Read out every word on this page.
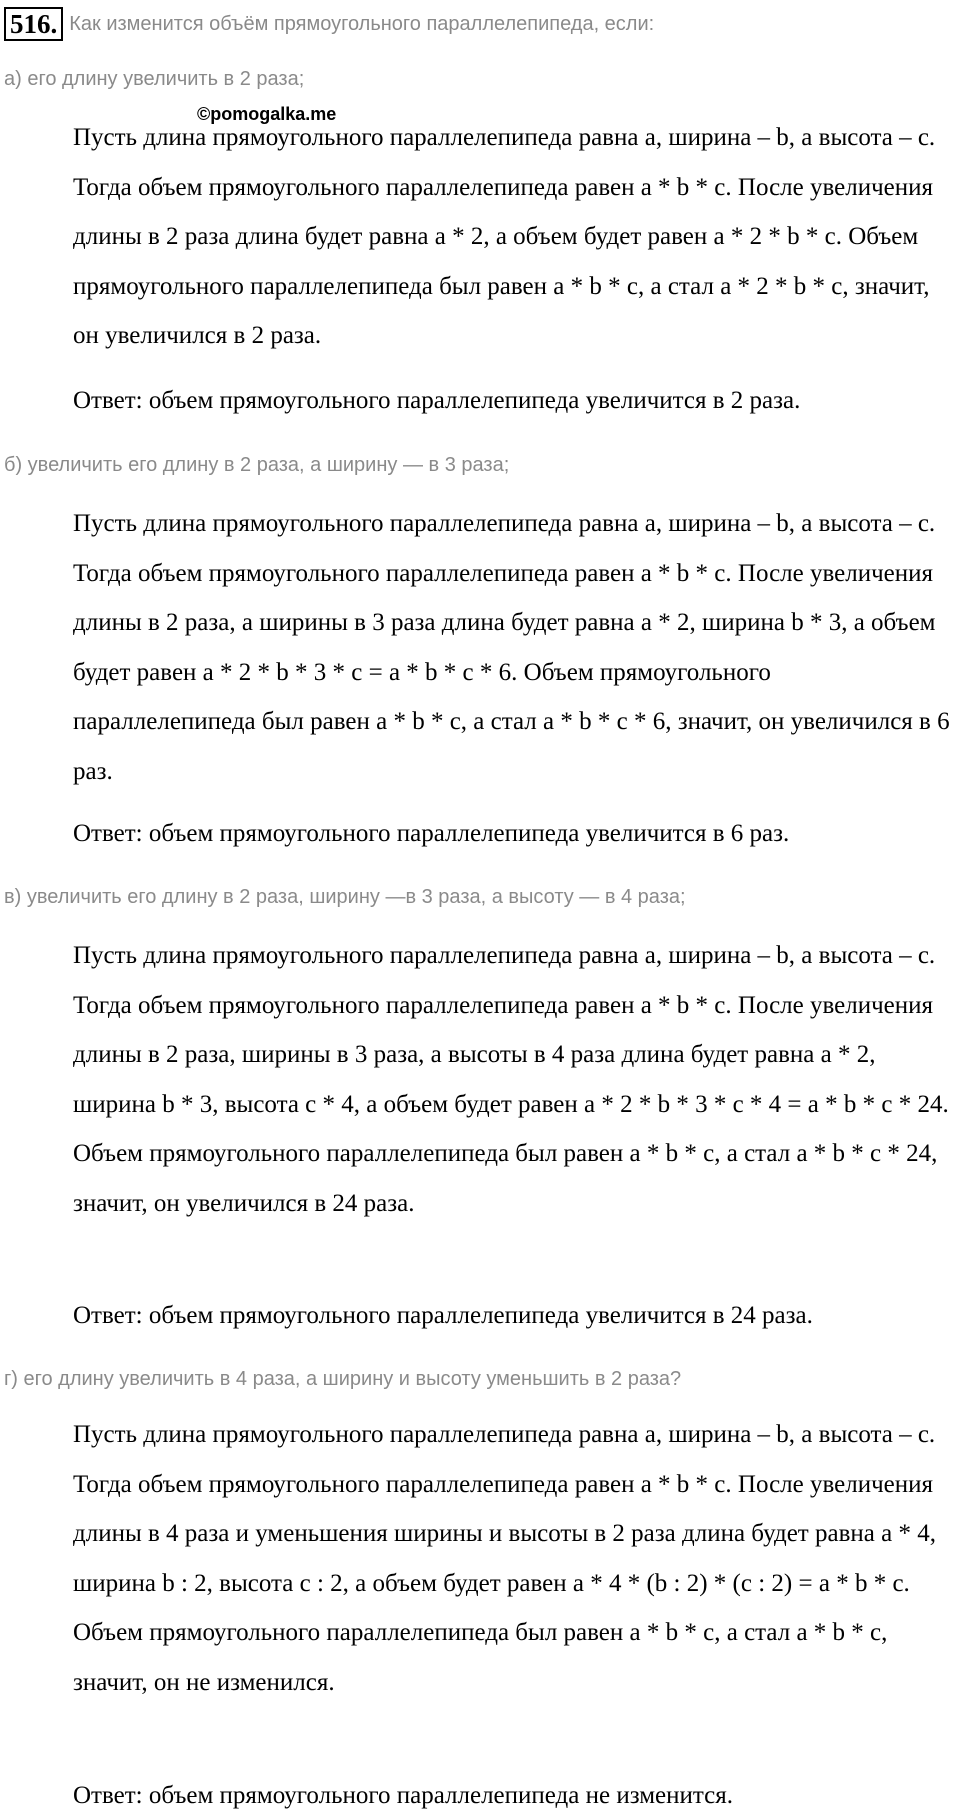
516. Как изменится объём прямоугольного параллелепипеда, если:
а) его длину увеличить в 2 раза;
©pomogalka.me

Пусть длина прямоугольного параллелепипеда равна a, ширина – b, а высота – c. Тогда объем прямоугольного параллелепипеда равен a * b * c. После увеличения длины в 2 раза длина будет равна a * 2, а объем будет равен a * 2 * b * c. Объем прямоугольного параллелепипеда был равен a * b * c, а стал a * 2 * b * c, значит, он увеличился в 2 раза.

Ответ: объем прямоугольного параллелепипеда увеличится в 2 раза.
б) увеличить его длину в 2 раза, а ширину — в 3 раза;

Пусть длина прямоугольного параллелепипеда равна a, ширина – b, а высота – c. Тогда объем прямоугольного параллелепипеда равен a * b * c. После увеличения длины в 2 раза, а ширины в 3 раза длина будет равна a * 2, ширина b * 3, а объем будет равен a * 2 * b * 3 * c = a * b * c * 6. Объем прямоугольного параллелепипеда был равен a * b * c, а стал a * b * c * 6, значит, он увеличился в 6 раз.

Ответ: объем прямоугольного параллелепипеда увеличится в 6 раз.
в) увеличить его длину в 2 раза, ширину —в 3 раза, а высоту — в 4 раза;

Пусть длина прямоугольного параллелепипеда равна a, ширина – b, а высота – c. Тогда объем прямоугольного параллелепипеда равен a * b * c. После увеличения длины в 2 раза, ширины в 3 раза, а высоты в 4 раза длина будет равна a * 2, ширина b * 3, высота с * 4, а объем будет равен a * 2 * b * 3 * c * 4 = a * b * c * 24. Объем прямоугольного параллелепипеда был равен a * b * c, а стал a * b * c * 24, значит, он увеличился в 24 раза.

Ответ: объем прямоугольного параллелепипеда увеличится в 24 раза.
г) его длину увеличить в 4 раза, а ширину и высоту уменьшить в 2 раза?

Пусть длина прямоугольного параллелепипеда равна a, ширина – b, а высота – c. Тогда объем прямоугольного параллелепипеда равен a * b * c. После увеличения длины в 4 раза и уменьшения ширины и высоты в 2 раза длина будет равна a * 4, ширина b : 2, высота с : 2, а объем будет равен a * 4 * (b : 2) * (c : 2) = a * b * c. Объем прямоугольного параллелепипеда был равен a * b * c, а стал a * b * c, значит, он не изменился.

Ответ: объем прямоугольного параллелепипеда не изменится.
